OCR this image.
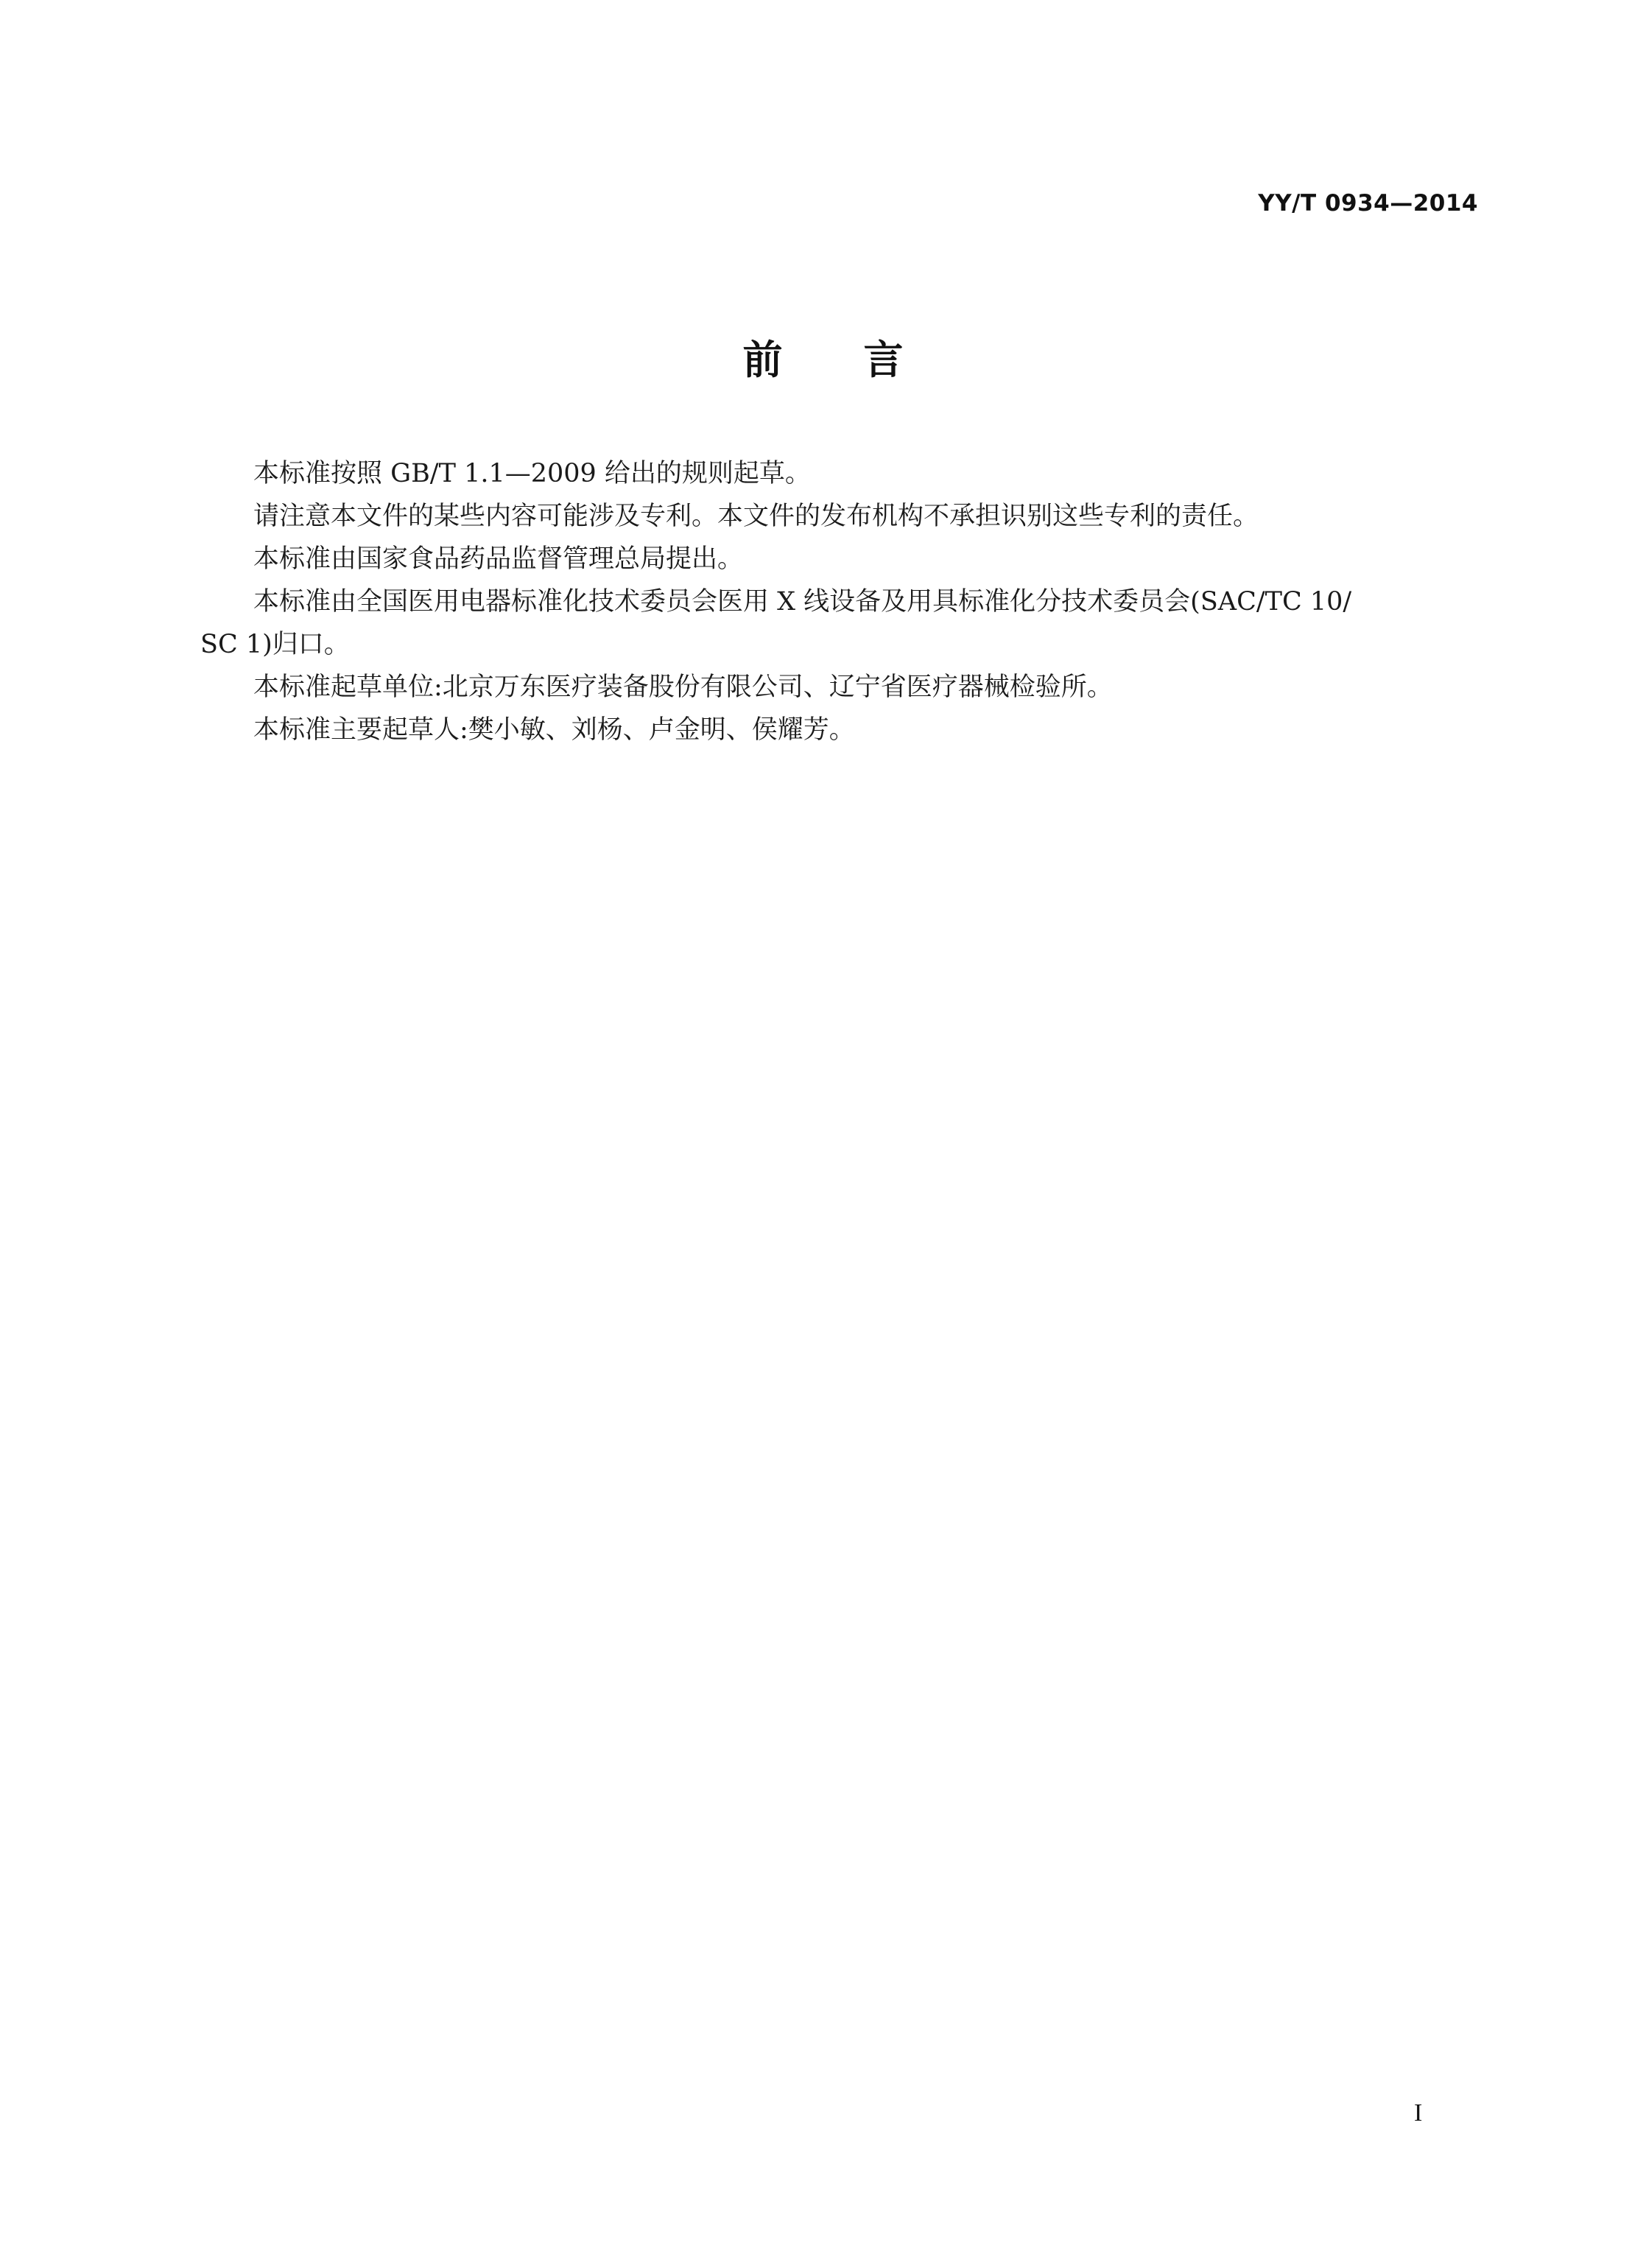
YY/T 0934—2014
前言

本标准按照 GB/T 1.1—2009 给出的规则起草。

请注意本文件的某些内容可能涉及专利。本文件的发布机构不承担识别这些专利的责任。

本标准由国家食品药品监督管理总局提出。

本标准由全国医用电器标准化技术委员会医用 X 线设备及用具标准化分技术委员会(SAC/TC 10/

SC 1)归口。

本标准起草单位:北京万东医疗装备股份有限公司、辽宁省医疗器械检验所。

本标准主要起草人:樊小敏、刘杨、卢金明、侯耀芳。

I
